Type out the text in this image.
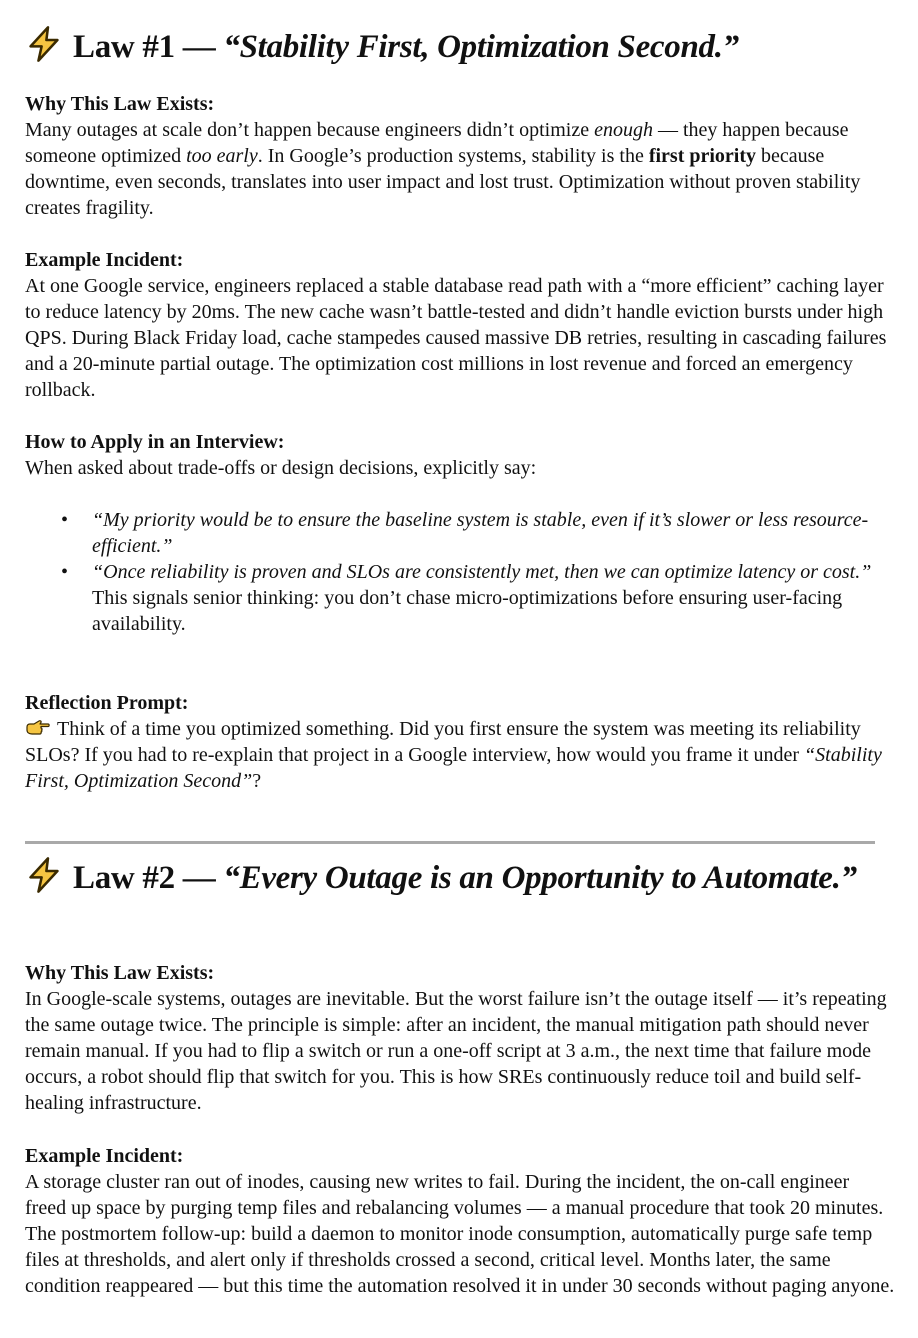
Law #1 — “Stability First, Optimization Second.”

Why This Law Exists:

Many outages at scale don’t happen because engineers didn’t optimize enough — they happen because someone optimized too early. In Google’s production systems, stability is the first priority because downtime, even seconds, translates into user impact and lost trust. Optimization without proven stability creates fragility.

Example Incident:

At one Google service, engineers replaced a stable database read path with a “more efficient” caching layer to reduce latency by 20ms. The new cache wasn’t battle-tested and didn’t handle eviction bursts under high QPS. During Black Friday load, cache stampedes caused massive DB retries, resulting in cascading failures and a 20-minute partial outage. The optimization cost millions in lost revenue and forced an emergency rollback.

How to Apply in an Interview:

When asked about trade-offs or design decisions, explicitly say:

• “My priority would be to ensure the baseline system is stable, even if it’s slower or less resource-efficient.”
• “Once reliability is proven and SLOs are consistently met, then we can optimize latency or cost.”
This signals senior thinking: you don’t chase micro-optimizations before ensuring user-facing availability.

Reflection Prompt:

Think of a time you optimized something. Did you first ensure the system was meeting its reliability SLOs? If you had to re-explain that project in a Google interview, how would you frame it under “Stability First, Optimization Second”?

Law #2 — “Every Outage is an Opportunity to Automate.”

Why This Law Exists:

In Google-scale systems, outages are inevitable. But the worst failure isn’t the outage itself — it’s repeating the same outage twice. The principle is simple: after an incident, the manual mitigation path should never remain manual. If you had to flip a switch or run a one-off script at 3 a.m., the next time that failure mode occurs, a robot should flip that switch for you. This is how SREs continuously reduce toil and build self-healing infrastructure.

Example Incident:

A storage cluster ran out of inodes, causing new writes to fail. During the incident, the on-call engineer freed up space by purging temp files and rebalancing volumes — a manual procedure that took 20 minutes. The postmortem follow-up: build a daemon to monitor inode consumption, automatically purge safe temp files at thresholds, and alert only if thresholds crossed a second, critical level. Months later, the same condition reappeared — but this time the automation resolved it in under 30 seconds without paging anyone.
